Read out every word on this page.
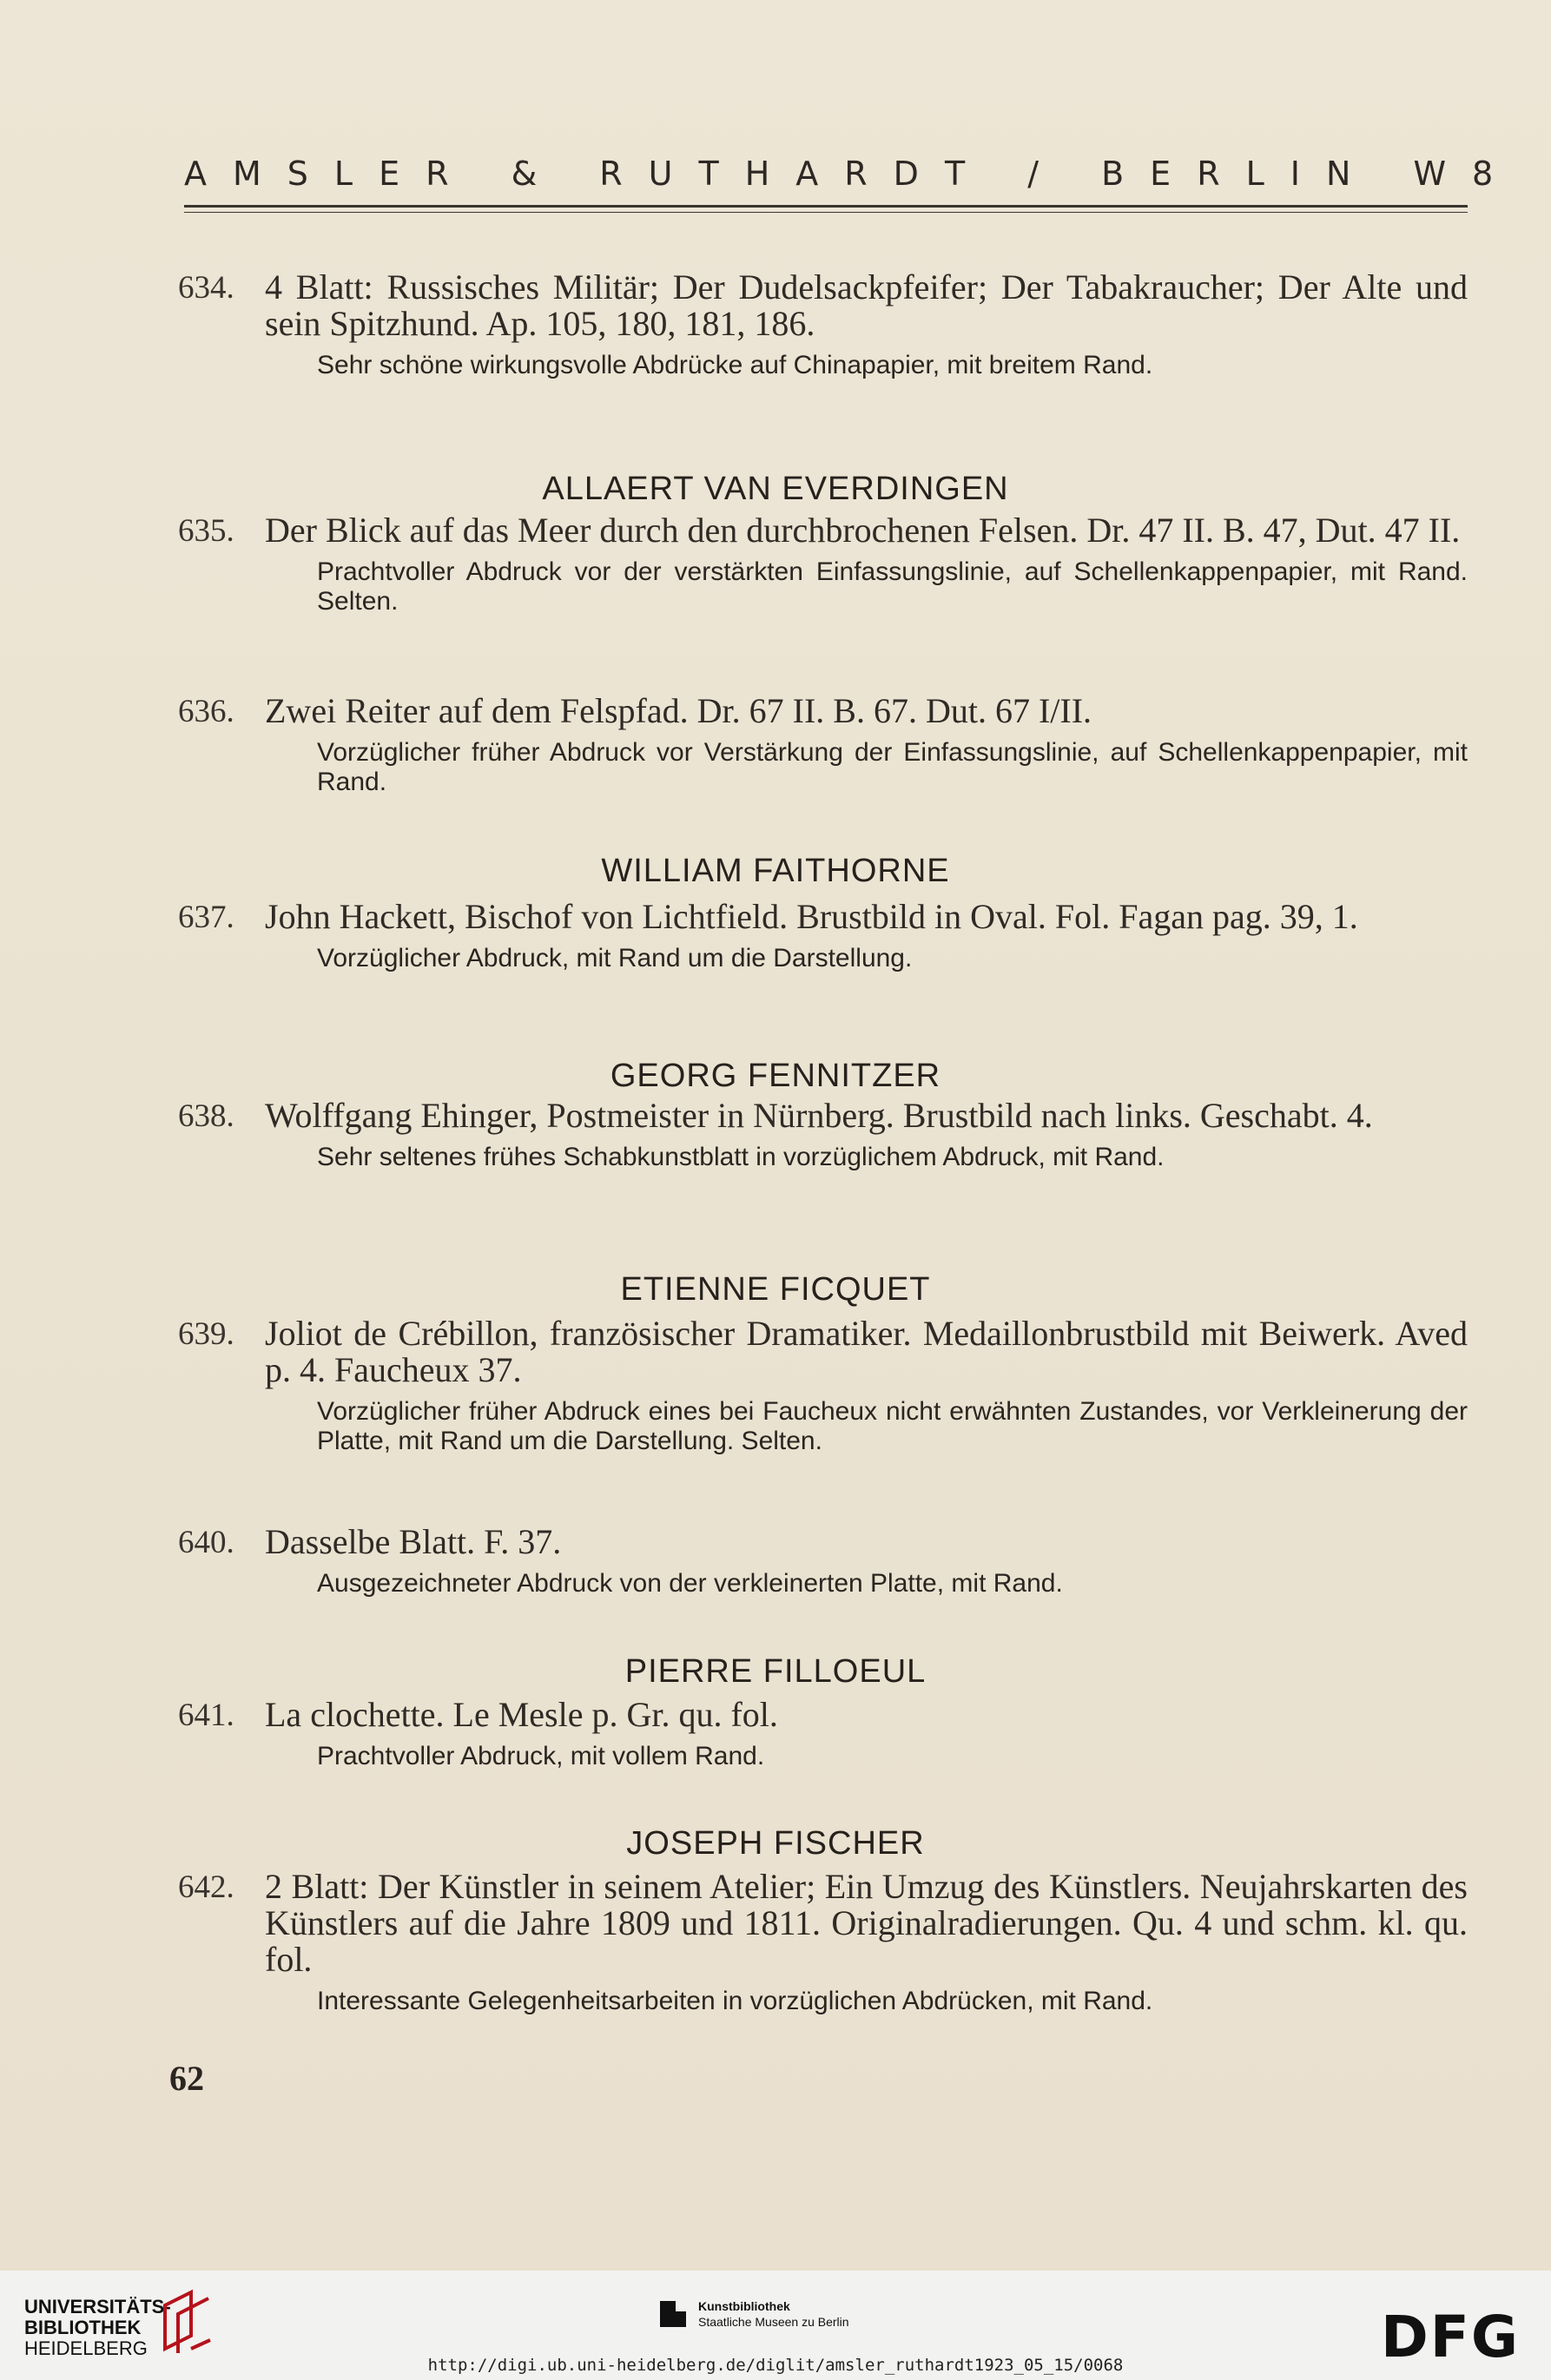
AMSLER & RUTHARDT / BERLIN W8
634. 4 Blatt: Russisches Militär; Der Dudelsackpfeifer; Der Tabakraucher; Der Alte und sein Spitzhund. Ap. 105, 180, 181, 186.
Sehr schöne wirkungsvolle Abdrücke auf Chinapapier, mit breitem Rand.
ALLAERT VAN EVERDINGEN
635. Der Blick auf das Meer durch den durchbrochenen Felsen. Dr. 47 II. B. 47, Dut. 47 II.
Prachtvoller Abdruck vor der verstärkten Einfassungslinie, auf Schellenkappenpapier, mit Rand. Selten.
636. Zwei Reiter auf dem Felspfad. Dr. 67 II. B. 67. Dut. 67 I/II.
Vorzüglicher früher Abdruck vor Verstärkung der Einfassungslinie, auf Schellenkappenpapier, mit Rand.
WILLIAM FAITHORNE
637. John Hackett, Bischof von Lichtfield. Brustbild in Oval. Fol. Fagan pag. 39, 1.
Vorzüglicher Abdruck, mit Rand um die Darstellung.
GEORG FENNITZER
638. Wolffgang Ehinger, Postmeister in Nürnberg. Brustbild nach links. Geschabt. 4.
Sehr seltenes frühes Schabkunstblatt in vorzüglichem Abdruck, mit Rand.
ETIENNE FICQUET
639. Joliot de Crébillon, französischer Dramatiker. Medaillonbrustbild mit Beiwerk. Aved p. 4. Faucheux 37.
Vorzüglicher früher Abdruck eines bei Faucheux nicht erwähnten Zustandes, vor Verkleinerung der Platte, mit Rand um die Darstellung. Selten.
640. Dasselbe Blatt. F. 37.
Ausgezeichneter Abdruck von der verkleinerten Platte, mit Rand.
PIERRE FILLOEUL
641. La clochette. Le Mesle p. Gr. qu. fol.
Prachtvoller Abdruck, mit vollem Rand.
JOSEPH FISCHER
642. 2 Blatt: Der Künstler in seinem Atelier; Ein Umzug des Künstlers. Neujahrskarten des Künstlers auf die Jahre 1809 und 1811. Originalradierungen. Qu. 4 und schm. kl. qu. fol.
Interessante Gelegenheitsarbeiten in vorzüglichen Abdrücken, mit Rand.
62
UNIVERSITÄTS-
BIBLIOTHEK
HEIDELBERG
Kunstbibliothek
Staatliche Museen zu Berlin	DFG
http://digi.ub.uni-heidelberg.de/diglit/amsler_ruthardt1923_05_15/0068
